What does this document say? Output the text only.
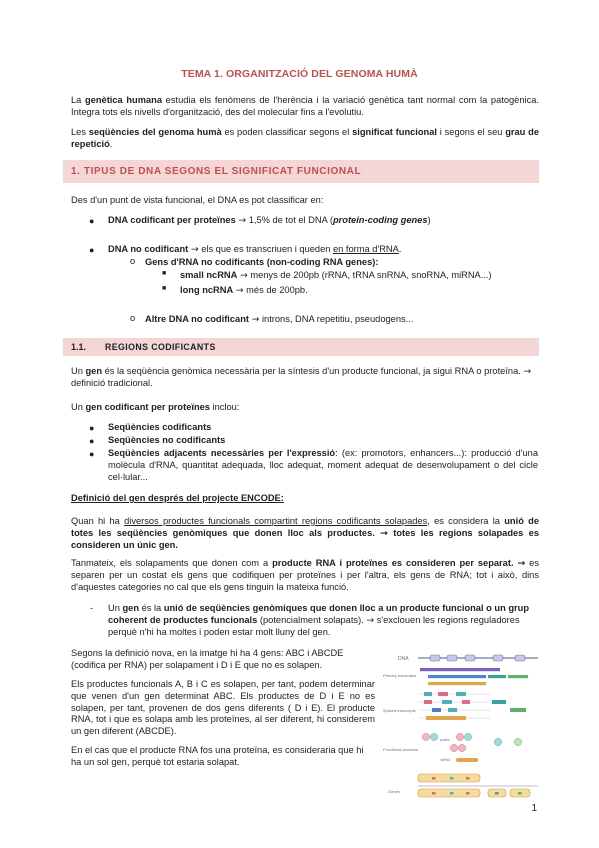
TEMA 1. ORGANITZACIÓ DEL GENOMA HUMÀ

La genètica humana estudia els fenòmens de l'herència i la variació genètica tant normal com la patogènica. Integra tots els nivells d'organització, des del molecular fins a l'evolutiu.

Les seqüències del genoma humà es poden classificar segons el significat funcional i segons el seu grau de repetició.

1. TIPUS DE DNA SEGONS EL SIGNIFICAT FUNCIONAL

Des d'un punt de vista funcional, el DNA es pot classificar en:

● DNA codificant per proteïnes → 1,5% de tot el DNA (protein-coding genes)

● DNA no codificant → els que es transcriuen i queden en forma d'RNA.

o Gens d'RNA no codificants (non-coding RNA genes):

■ small ncRNA → menys de 200pb (rRNA, tRNA snRNA, snoRNA, miRNA...)

■ long ncRNA → més de 200pb.

o Altre DNA no codificant → introns, DNA repetitiu, pseudogens...

1.1. REGIONS CODIFICANTS

Un gen és la seqüència genòmica necessària per la síntesis d'un producte funcional, ja sigui RNA o proteïna. → definició tradicional.

Un gen codificant per proteïnes inclou:

● Seqüències codificants

● Seqüències no codificants

● Seqüències adjacents necessàries per l'expressió: (ex: promotors, enhancers...): producció d'una molècula d'RNA, quantitat adequada, lloc adequat, moment adequat de desenvolupament o del cicle cel·lular...

Definició del gen després del projecte ENCODE:

Quan hi ha diversos productes funcionals compartint regions codificants solapades, es considera la unió de totes les seqüències genòmiques que donen lloc als productes. → totes les regions solapades es consideren un únic gen.

Tanmateix, els solapaments que donen com a producte RNA i proteïnes es consideren per separat. → es separen per un costat els gens que codifiquen per proteïnes i per l'altra, els gens de RNA; tot i això, dins d'aquestes categories no cal que els gens tinguin la mateixa funció.

- Un gen és la unió de seqüències genòmiques que donen lloc a un producte funcional o un grup coherent de productes funcionals (potencialment solapats). → s'exclouen les regions reguladores perquè n'hi ha moltes i poden estar molt lluny del gen.

Segons la definició nova, en la imatge hi ha 4 gens: ABC i ABCDE (codifica per RNA) per solapament i D i E que no es solapen.

Els productes funcionals A, B i C es solapen, per tant, podem determinar que venen d'un gen determinat ABC. Els productes de D i E no es solapen, per tant, provenen de dos gens diferents ( D i E). El producte RNA, tot i que es solapa amb les proteïnes, al ser diferent, hi considerem un gen diferent (ABCDE).

En el cas que el producte RNA fos una proteïna, es consideraria que hi ha un sol gen, perquè tot estaria solapat.

DNA
Primary transcripts
Spliced transcripts
Functional products
Genes
protein
ncRNA
1
